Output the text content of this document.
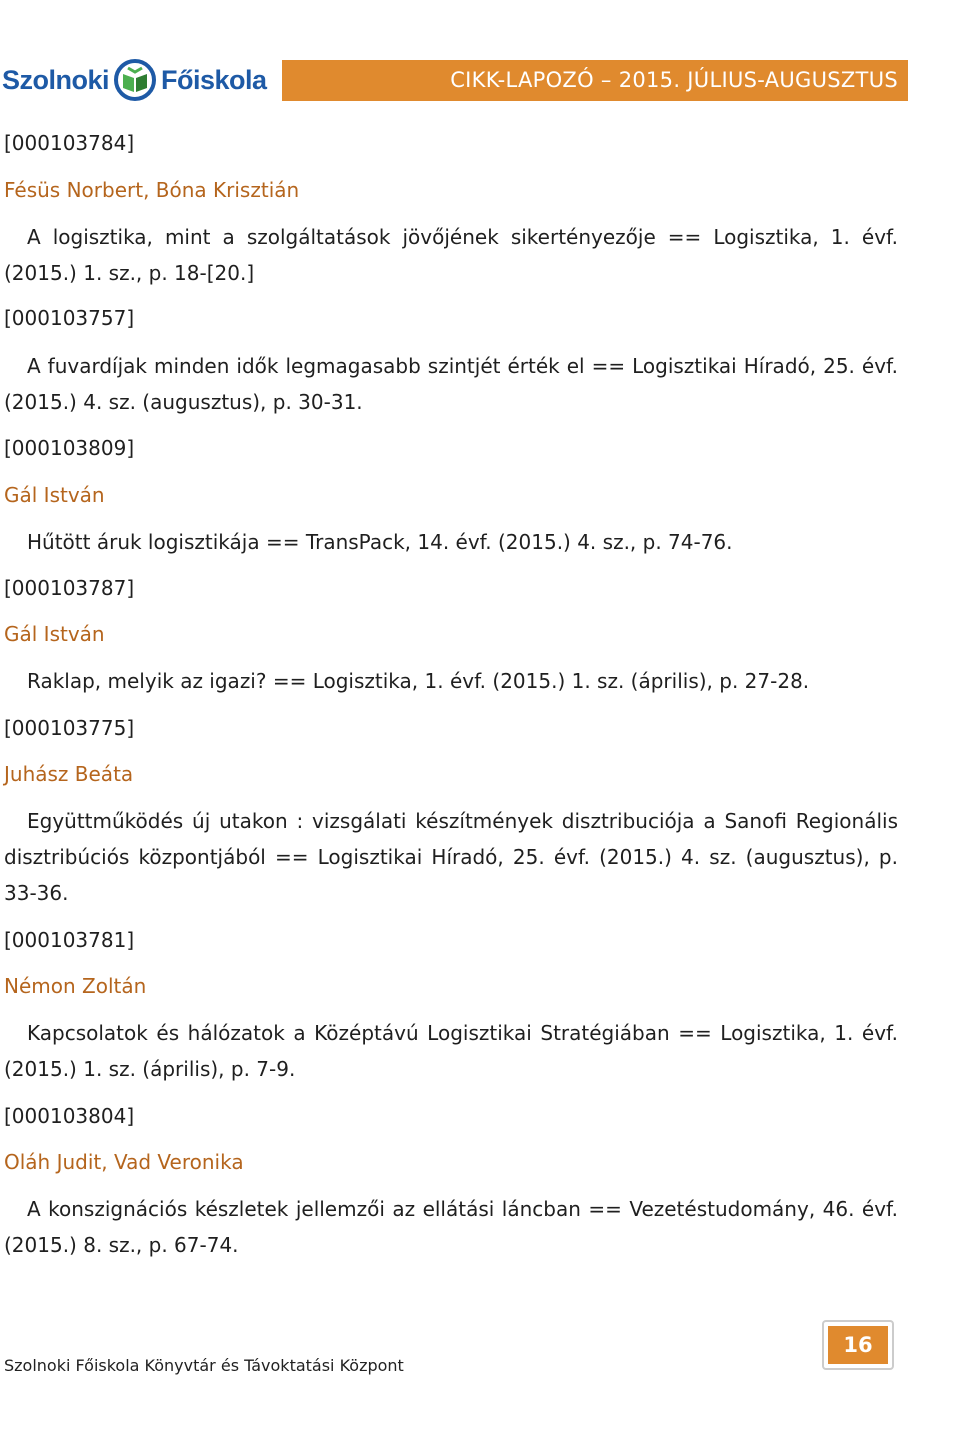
Szolnoki Főiskola	CIKK-LAPOZÓ – 2015. JÚLIUS-AUGUSZTUS
[000103784]
Fésüs Norbert, Bóna Krisztián
A logisztika, mint a szolgáltatások jövőjének sikertényezője == Logisztika, 1. évf. (2015.) 1. sz., p. 18-[20.]
[000103757]
A fuvardíjak minden idők legmagasabb szintjét érték el == Logisztikai Híradó, 25. évf. (2015.) 4. sz. (augusztus), p. 30-31.
[000103809]
Gál István
Hűtött áruk logisztikája == TransPack, 14. évf. (2015.) 4. sz., p. 74-76.
[000103787]
Gál István
Raklap, melyik az igazi? == Logisztika, 1. évf. (2015.) 1. sz. (április), p. 27-28.
[000103775]
Juhász Beáta
Együttműködés új utakon : vizsgálati készítmények disztribuciója a Sanofi Regionális disztribúciós központjából == Logisztikai Híradó, 25. évf. (2015.) 4. sz. (augusztus), p. 33-36.
[000103781]
Némon Zoltán
Kapcsolatok és hálózatok a Középtávú Logisztikai Stratégiában == Logisztika, 1. évf. (2015.) 1. sz. (április), p. 7-9.
[000103804]
Oláh Judit, Vad Veronika
A konszignációs készletek jellemzői az ellátási láncban == Vezetéstudomány, 46. évf. (2015.) 8. sz., p. 67-74.
Szolnoki Főiskola Könyvtár és Távoktatási Központ
16
